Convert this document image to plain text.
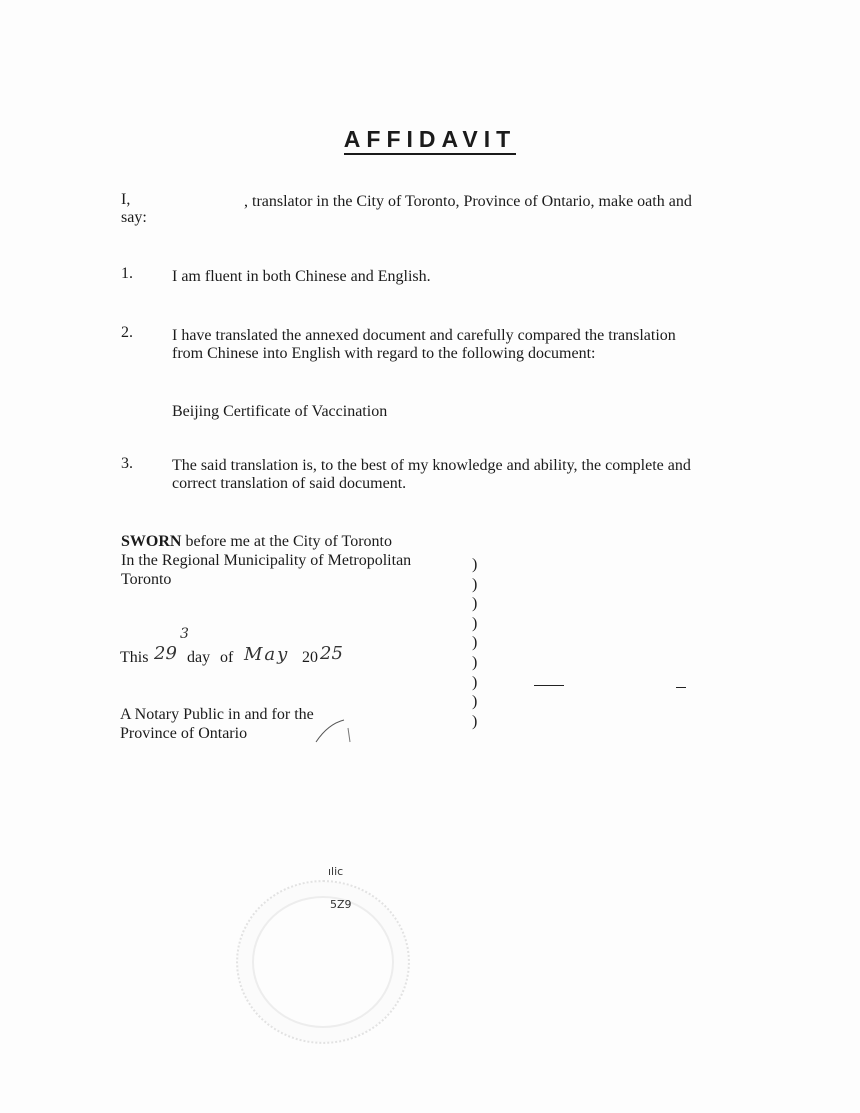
AFFIDAVIT
I,	, translator in the City of Toronto, Province of Ontario, make oath and
say:
1. I am fluent in both Chinese and English.
2. I have translated the annexed document and carefully compared the translation
from Chinese into English with regard to the following document:
Beijing Certificate of Vaccination
3. The said translation is, to the best of my knowledge and ability, the complete and
correct translation of said document.
SWORN before me at the City of Toronto
In the Regional Municipality of Metropolitan
Toronto
)
)
)
)
)
)
)
)
)
This 29
3
day of May 20 25
A Notary Public in and for the
Province of Ontario
ılic
5Z9
